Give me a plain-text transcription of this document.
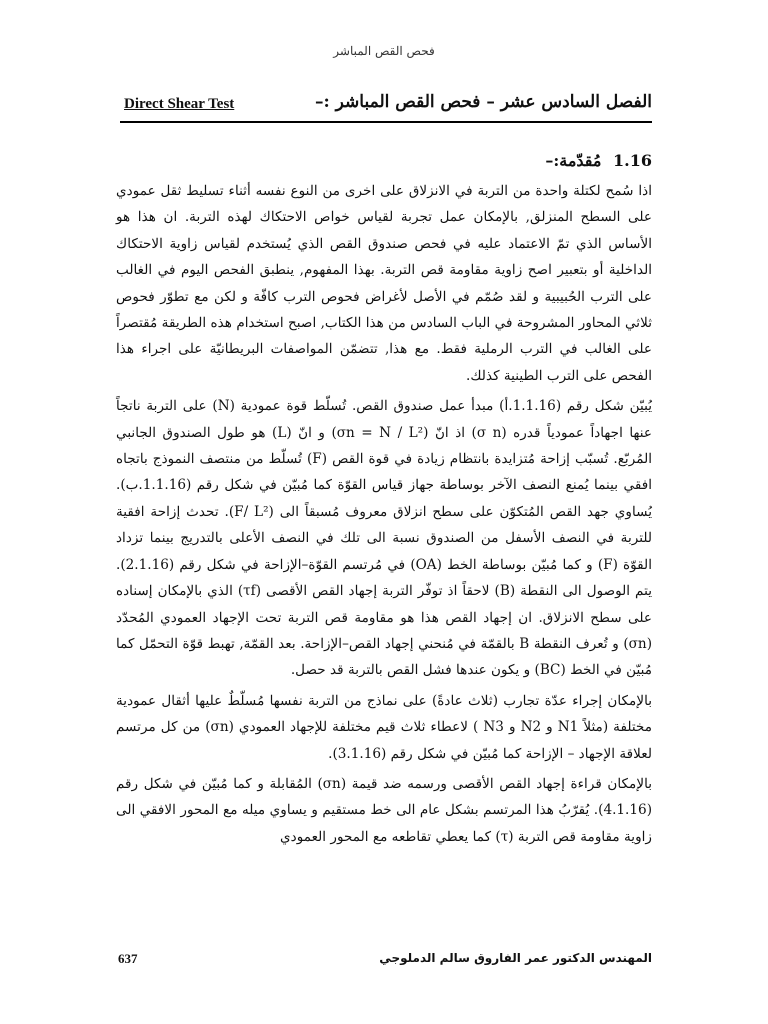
فحص القص المباشر
الفصل السادس عشر – فحص القص المباشر :–
Direct Shear Test
1.16 مُقدّمة:–

اذا سُمح لكتلة واحدة من التربة في الانزلاق على اخرى من النوع نفسه أثناء تسليط ثقل عمودي على السطح المنزلق, بالإمكان عمل تجربة لقياس خواص الاحتكاك لهذه التربة. ان هذا هو الأساس الذي تمّ الاعتماد عليه في فحص صندوق القص الذي يُستخدم لقياس زاوية الاحتكاك الداخلية أو بتعبير اصح زاوية مقاومة قص التربة. بهذا المفهوم, ينطبق الفحص اليوم في الغالب على الترب الحُبيبية و لقد صُمّم في الأصل لأغراض فحوص الترب كافّة و لكن مع تطوّر فحوص ثلاثي المحاور المشروحة في الباب السادس من هذا الكتاب, اصبح استخدام هذه الطريقة مُقتصراً على الغالب في الترب الرملية فقط. مع هذا, تتضمّن المواصفات البريطانيّة على اجراء هذا الفحص على الترب الطينية كذلك.

يُبيّن شكل رقم (1.1.16.أ) مبدأ عمل صندوق القص. تُسلّط قوة عمودية (N) على التربة ناتجاً عنها اجهاداً عمودياً قدره (σ n) اذ انّ (σn = N / L²) و انّ (L) هو طول الصندوق الجانبي المُربّع. تُسبّب إزاحة مُتزايدة بانتظام زيادة في قوة القص (F) تُسلّط من منتصف النموذج باتجاه افقي بينما يُمنع النصف الآخر بوساطة جهاز قياس القوّة كما مُبيّن في شكل رقم (1.1.16.ب). يُساوي جهد القص المُتكوّن على سطح انزلاق معروف مُسبقاً الى (F/ L²). تحدث إزاحة افقية للتربة في النصف الأسفل من الصندوق نسبة الى تلك في النصف الأعلى بالتدريج بينما تزداد القوّة (F) و كما مُبيّن بوساطة الخط (OA) في مُرتسم القوّة–الإزاحة في شكل رقم (2.1.16). يتم الوصول الى النقطة (B) لاحقاً اذ توفّر التربة إجهاد القص الأقصى (τf) الذي بالإمكان إسناده على سطح الانزلاق. ان إجهاد القص هذا هو مقاومة قص التربة تحت الإجهاد العمودي المُحدّد (σn) و تُعرف النقطة B بالقمّة في مُنحني إجهاد القص–الإزاحة. بعد القمّة, تهبط قوّة التحمّل كما مُبيّن في الخط (BC) و يكون عندها فشل القص بالتربة قد حصل.

بالإمكان إجراء عدّة تجارب (ثلاث عادةً) على نماذج من التربة نفسها مُسلّطٌ عليها أثقال عمودية مختلفة (مثلاً N1 و N2 و N3 ) لاعطاء ثلاث قيم مختلفة للإجهاد العمودي (σn) من كل مرتسم لعلاقة الإجهاد – الإزاحة كما مُبيّن في شكل رقم (3.1.16).

بالإمكان قراءة إجهاد القص الأقصى ورسمه ضد قيمة (σn) المُقابلة و كما مُبيّن في شكل رقم (4.1.16). يُقرّبُ هذا المرتسم بشكل عام الى خط مستقيم و يساوي ميله مع المحور الافقي الى زاوية مقاومة قص التربة (τ) كما يعطي تقاطعه مع المحور العمودي

المهندس الدكتور عمر الفاروق سالم الدملوجي
637
